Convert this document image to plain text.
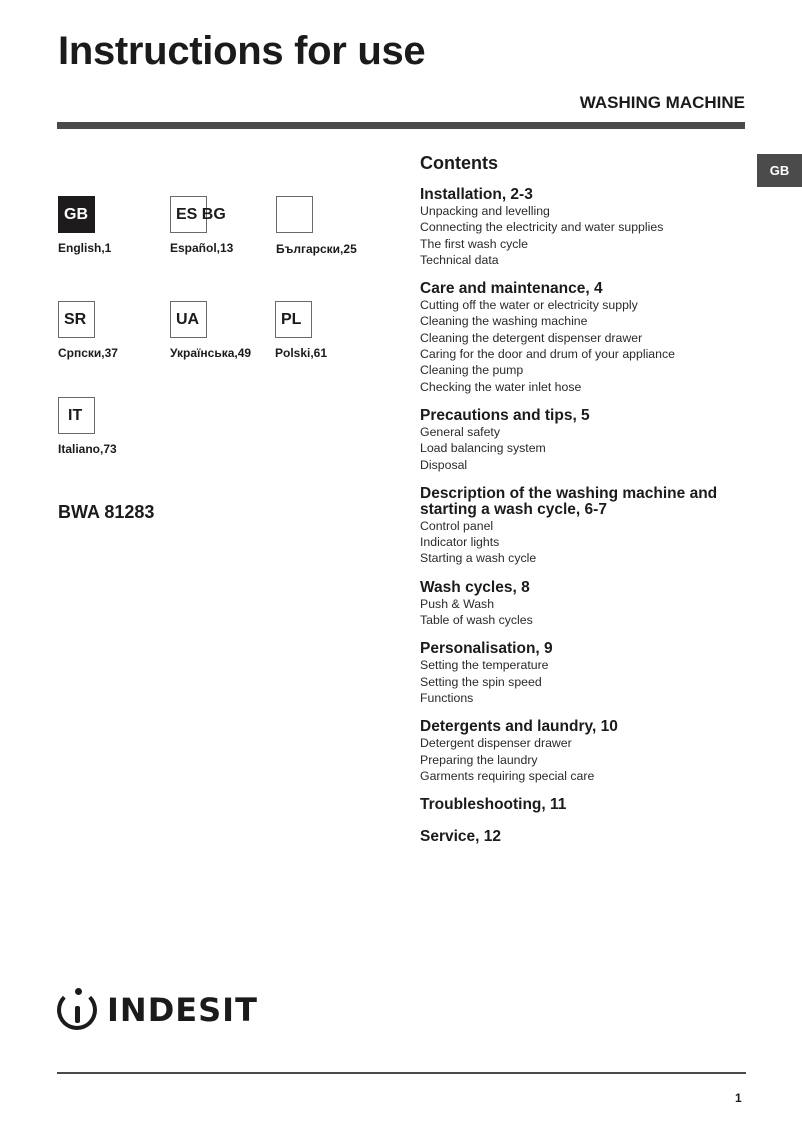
Instructions for use
WASHING MACHINE
GB
GB
English,1
ES BG
Español,13	Български,25
SR
Српски,37
UA
Українська,49
PL
Polski,61
IT
Italiano,73
BWA 81283
Contents
Installation, 2-3
Unpacking and levelling
Connecting the electricity and water supplies
The first wash cycle
Technical data
Care and maintenance, 4
Cutting off the water or electricity supply
Cleaning the washing machine
Cleaning the detergent dispenser drawer
Caring for the door and drum of your appliance
Cleaning the pump
Checking the water inlet hose
Precautions and tips, 5
General safety
Load balancing system
Disposal
Description of the washing machine and starting a wash cycle, 6-7
Control panel
Indicator lights
Starting a wash cycle
Wash cycles, 8
Push & Wash
Table of wash cycles
Personalisation, 9
Setting the temperature
Setting the spin speed
Functions
Detergents and laundry, 10
Detergent dispenser drawer
Preparing the laundry
Garments requiring special care
Troubleshooting, 11
Service, 12
INDESIT
1
